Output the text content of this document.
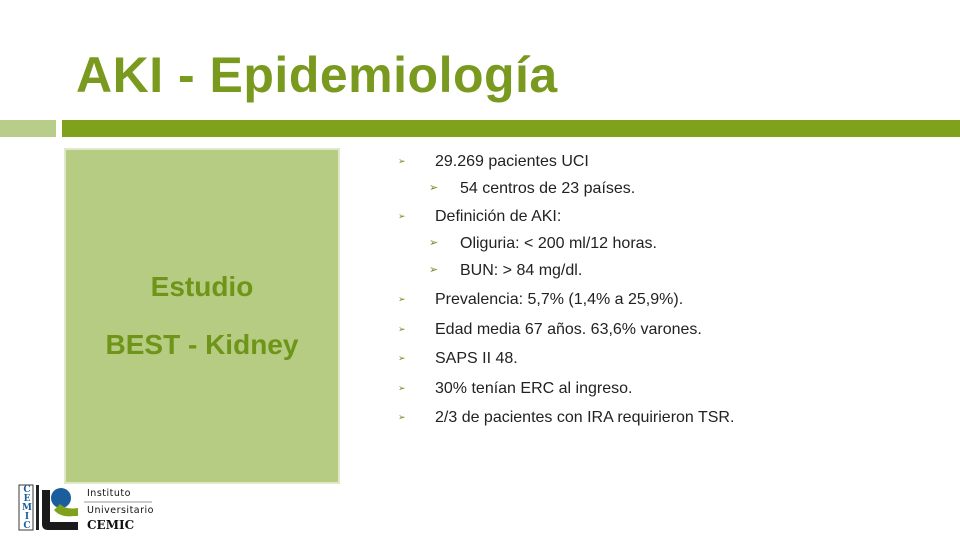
AKI - Epidemiología
Estudio
BEST - Kidney
➢ 29.269 pacientes UCI
➢ 54 centros de 23 países.
➢ Definición de AKI:
➢ Oliguria: < 200 ml/12 horas.
➢ BUN: > 84 mg/dl.
➢ Prevalencia: 5,7% (1,4% a 25,9%).
➢ Edad media 67 años. 63,6% varones.
➢ SAPS II 48.
➢ 30% tenían ERC al ingreso.
➢ 2/3 de pacientes con IRA requirieron TSR.
C
E
M
I
C
Instituto
Universitario
CEMIC
